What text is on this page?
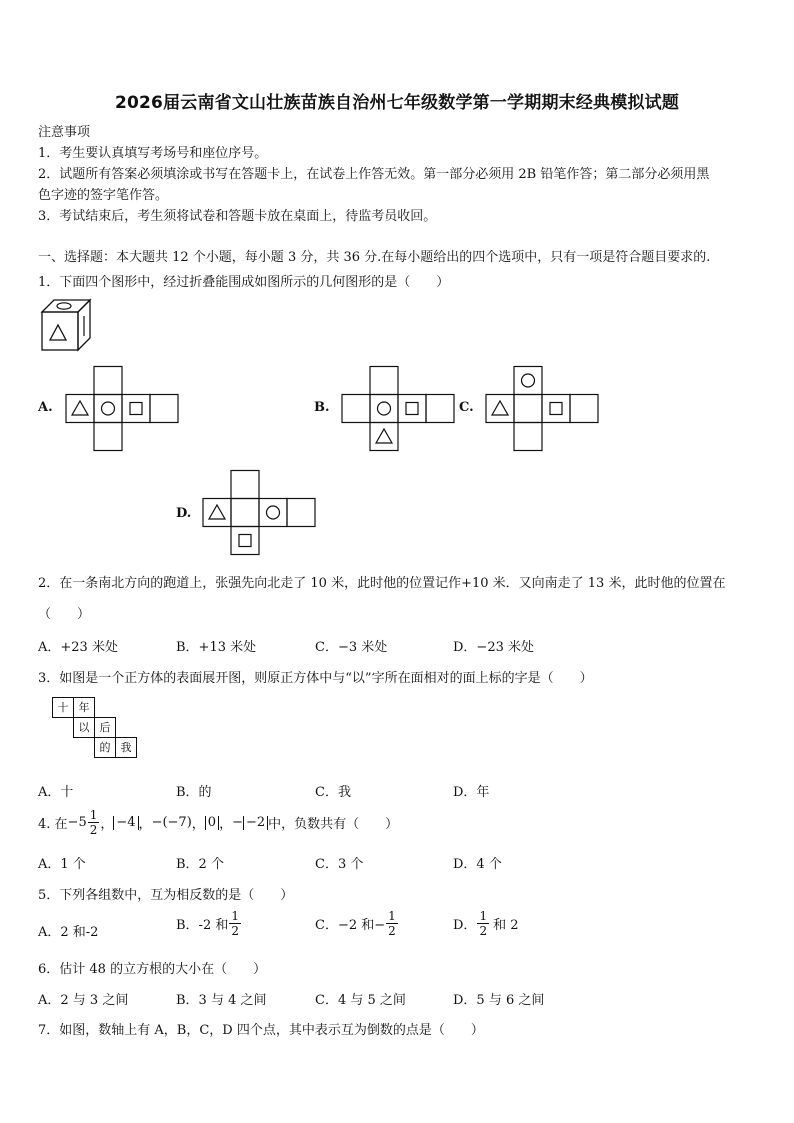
2026届云南省文山壮族苗族自治州七年级数学第一学期期末经典模拟试题
注意事项
1．考生要认真填写考场号和座位序号。
2．试题所有答案必须填涂或书写在答题卡上，在试卷上作答无效。第一部分必须用 2B 铅笔作答；第二部分必须用黑
色字迹的签字笔作答。
3．考试结束后，考生须将试卷和答题卡放在桌面上，待监考员收回。
一、选择题：本大题共 12 个小题，每小题 3 分，共 36 分.在每小题给出的四个选项中，只有一项是符合题目要求的.
1．下面四个图形中，经过折叠能围成如图所示的几何图形的是（　　）
A.	B.	C.
D.
2．在一条南北方向的跑道上，张强先向北走了 10 米，此时他的位置记作+10 米．又向南走了 13 米，此时他的位置在
（　　）
A．+23 米处	B．+13 米处	C．−3 米处	D．−23 米处
3．如图是一个正方体的表面展开图，则原正方体中与“以”字所在面相对的面上标的字是（　　）
十 年
以 后
的 我
A．十	B．的	C．我	D．年
4. 在 $-5 \frac{1}{2}$ ， −4 ， −(−7) ， 0 ， − −2 中，负数共有（　　）
A．1 个	B．2 个	C．3 个	D．4 个
5．下列各组数中，互为相反数的是（　　）
A．2 和-2	B．-2 和 $\frac{1}{2}$	C．−2 和− $\frac{1}{2}$	D． $\frac{1}{2}$ 和 2
6．估计 48 的立方根的大小在（　　）
A．2 与 3 之间	B．3 与 4 之间	C．4 与 5 之间	D．5 与 6 之间
7．如图，数轴上有 A，B，C，D 四个点，其中表示互为倒数的点是（　　）
